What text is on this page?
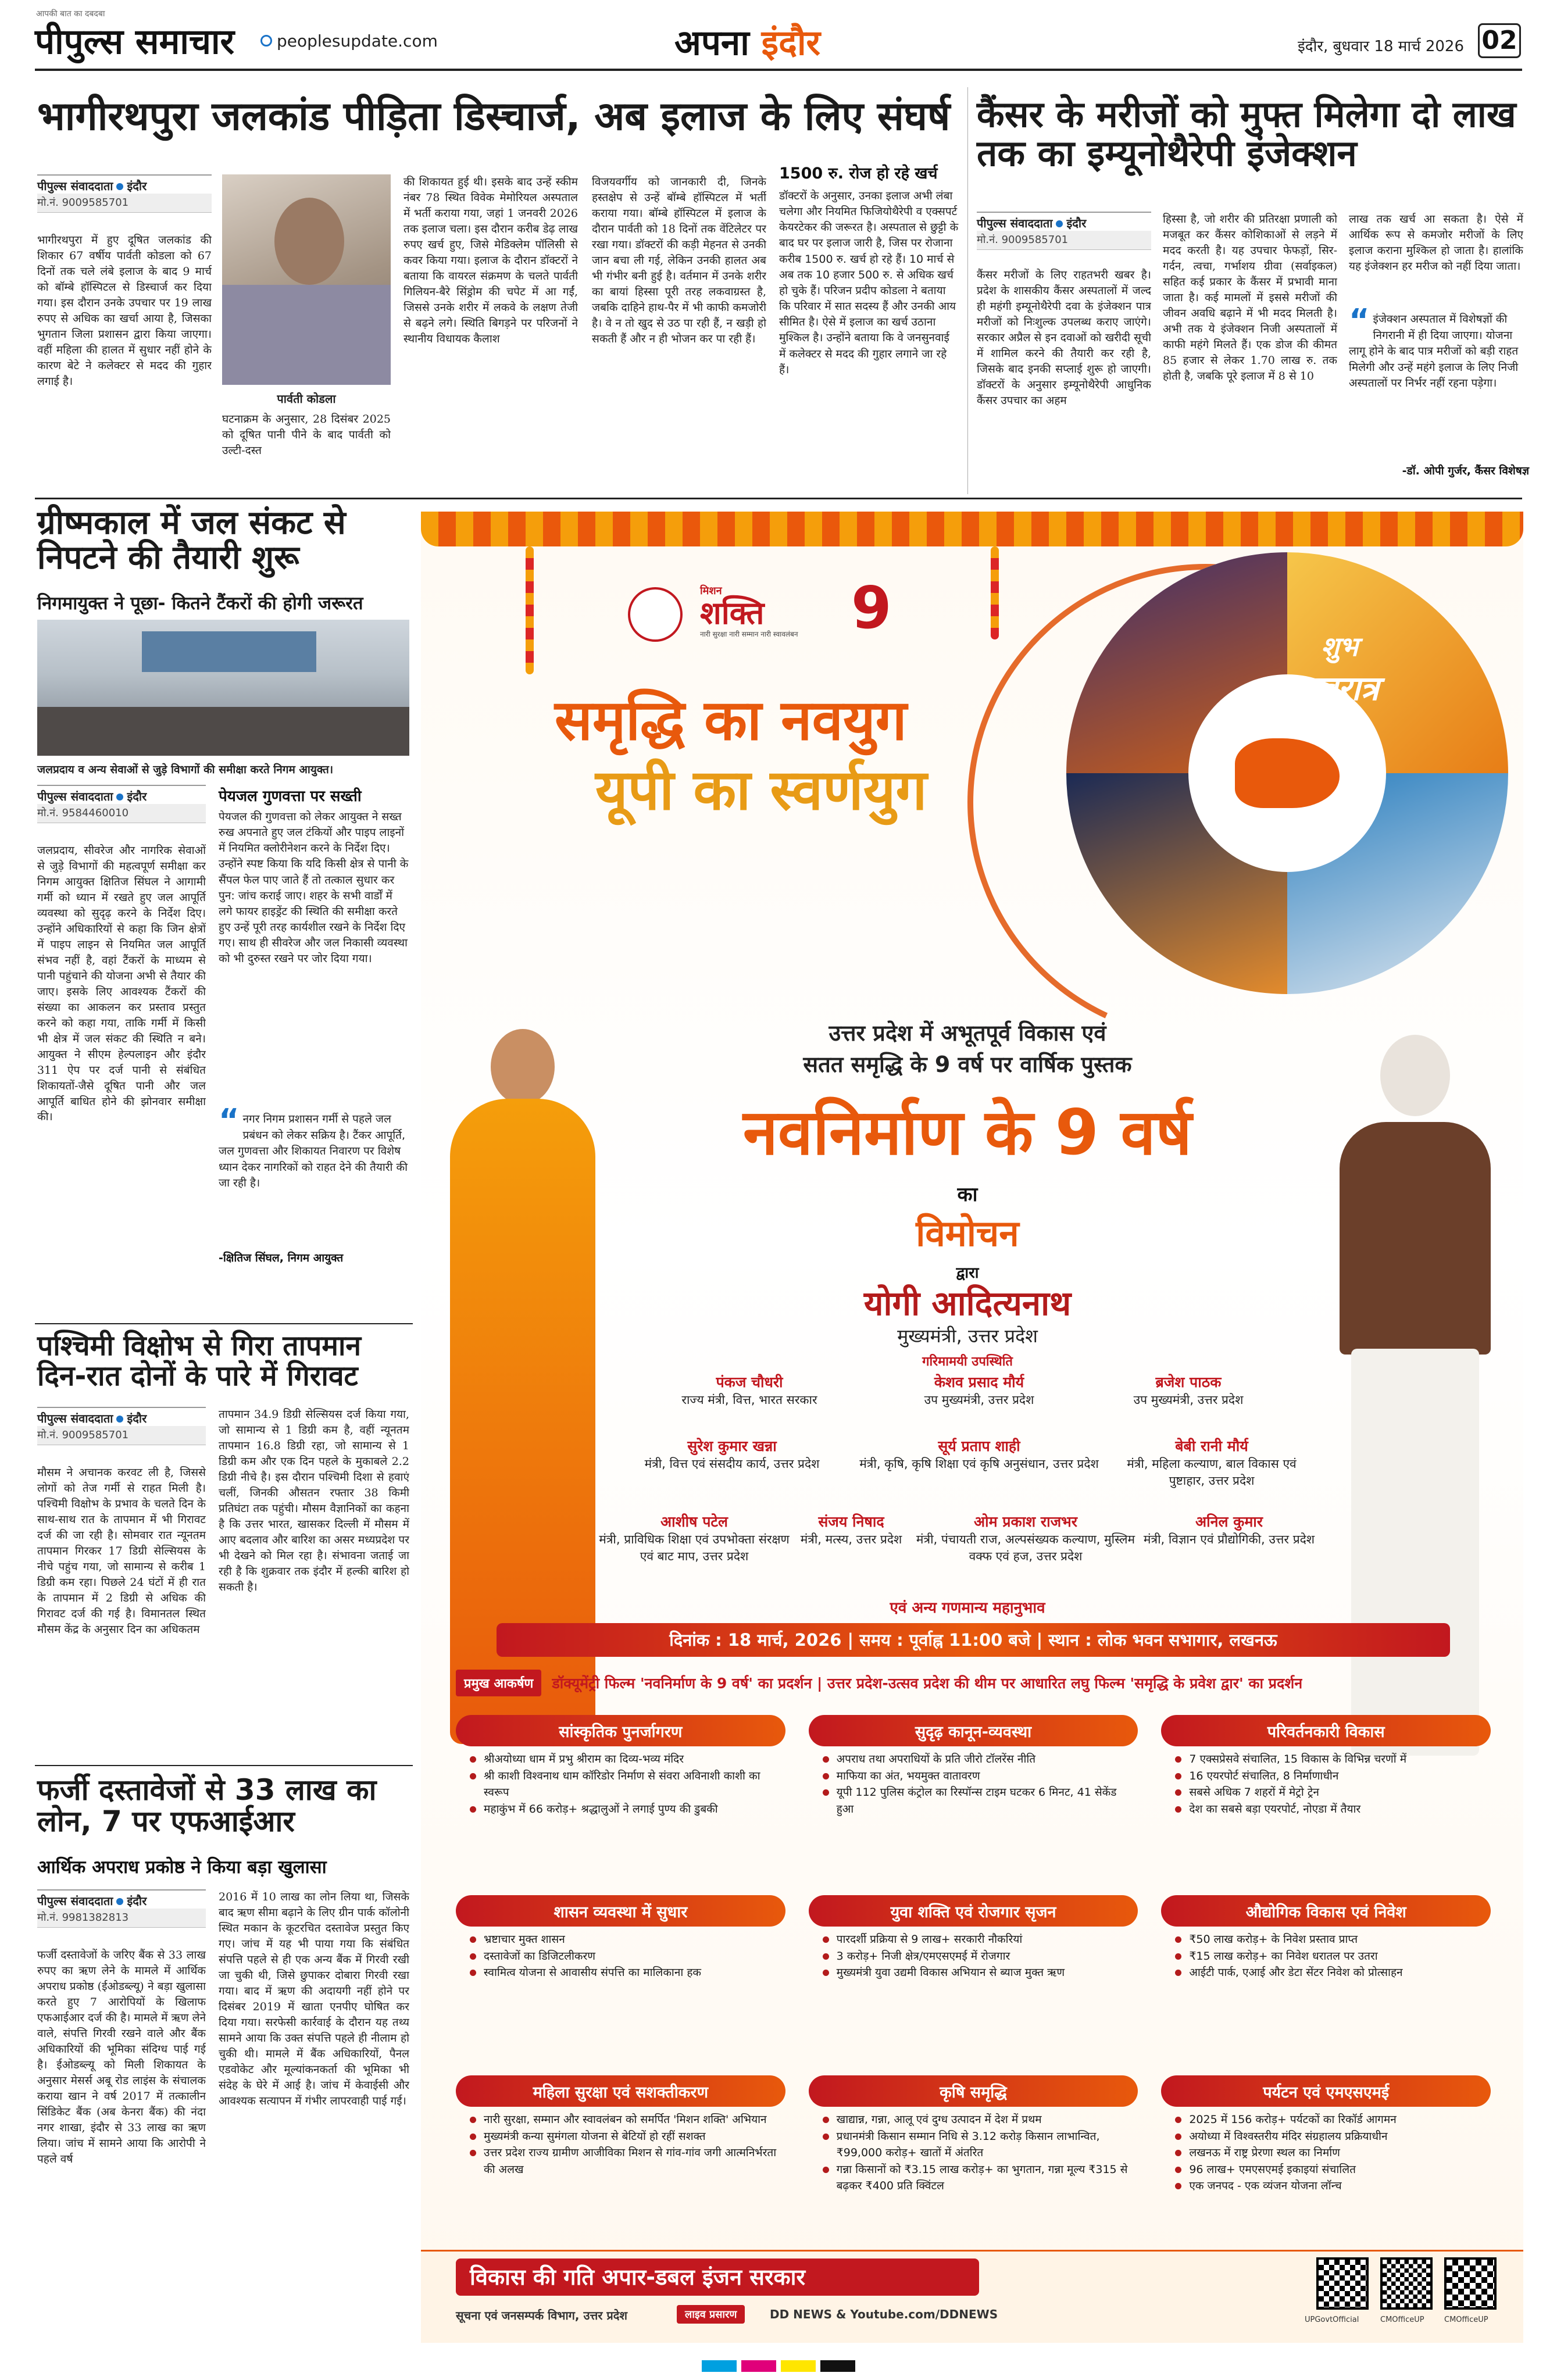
आपकी बात का दबदबा
पीपुल्स समाचार	peoplesupdate.com	अपना इंदौर	इंदौर, बुधवार 18 मार्च 2026 02
भागीरथपुरा जलकांड पीड़िता डिस्चार्ज, अब इलाज के लिए संघर्ष
पीपुल्स संवाददाता इंदौर
मो.नं. 9009585701
भागीरथपुरा में हुए दूषित जलकांड की शिकार 67 वर्षीय पार्वती कोडला को 67 दिनों तक चले लंबे इलाज के बाद 9 मार्च को बॉम्बे हॉस्पिटल से डिस्चार्ज कर दिया गया। इस दौरान उनके उपचार पर 19 लाख रुपए से अधिक का खर्चा आया है, जिसका भुगतान जिला प्रशासन द्वारा किया जाएगा। वहीं महिला की हालत में सुधार नहीं होने के कारण बेटे ने कलेक्टर से मदद की गुहार लगाई है।
पार्वती कोडला
घटनाक्रम के अनुसार, 28 दिसंबर 2025 को दूषित पानी पीने के बाद पार्वती को उल्टी-दस्त
की शिकायत हुई थी। इसके बाद उन्हें स्कीम नंबर 78 स्थित विवेक मेमोरियल अस्पताल में भर्ती कराया गया, जहां 1 जनवरी 2026 तक इलाज चला। इस दौरान करीब डेढ़ लाख रुपए खर्च हुए, जिसे मेडिक्लेम पॉलिसी से कवर किया गया। इलाज के दौरान डॉक्टरों ने बताया कि वायरल संक्रमण के चलते पार्वती गिलियन-बैरे सिंड्रोम की चपेट में आ गईं, जिससे उनके शरीर में लकवे के लक्षण तेजी से बढ़ने लगे। स्थिति बिगड़ने पर परिजनों ने स्थानीय विधायक कैलाश
विजयवर्गीय को जानकारी दी, जिनके हस्तक्षेप से उन्हें बॉम्बे हॉस्पिटल में भर्ती कराया गया। बॉम्बे हॉस्पिटल में इलाज के दौरान पार्वती को 18 दिनों तक वेंटिलेटर पर रखा गया। डॉक्टरों की कड़ी मेहनत से उनकी जान बचा ली गई, लेकिन उनकी हालत अब भी गंभीर बनी हुई है। वर्तमान में उनके शरीर का बायां हिस्सा पूरी तरह लकवाग्रस्त है, जबकि दाहिने हाथ-पैर में भी काफी कमजोरी है। वे न तो खुद से उठ पा रही हैं, न खड़ी हो सकती हैं और न ही भोजन कर पा रही हैं।
1500 रु. रोज हो रहे खर्च
डॉक्टरों के अनुसार, उनका इलाज अभी लंबा चलेगा और नियमित फिजियोथैरेपी व एक्सपर्ट केयरटेकर की जरूरत है। अस्पताल से छुट्टी के बाद घर पर इलाज जारी है, जिस पर रोजाना करीब 1500 रु. खर्च हो रहे हैं। 10 मार्च से अब तक 10 हजार 500 रु. से अधिक खर्च हो चुके हैं। परिजन प्रदीप कोडला ने बताया कि परिवार में सात सदस्य हैं और उनकी आय सीमित है। ऐसे में इलाज का खर्च उठाना मुश्किल है। उन्होंने बताया कि वे जनसुनवाई में कलेक्टर से मदद की गुहार लगाने जा रहे हैं।
कैंसर के मरीजों को मुफ्त मिलेगा दो लाख तक का इम्यूनोथैरेपी इंजेक्शन
पीपुल्स संवाददाता इंदौर
मो.नं. 9009585701
कैंसर मरीजों के लिए राहतभरी खबर है। प्रदेश के शासकीय कैंसर अस्पतालों में जल्द ही महंगी इम्यूनोथैरेपी दवा के इंजेक्शन पात्र मरीजों को निःशुल्क उपलब्ध कराए जाएंगे। सरकार अप्रैल से इन दवाओं को खरीदी सूची में शामिल करने की तैयारी कर रही है, जिसके बाद इनकी सप्लाई शुरू हो जाएगी। डॉक्टरों के अनुसार इम्यूनोथैरेपी आधुनिक कैंसर उपचार का अहम
हिस्सा है, जो शरीर की प्रतिरक्षा प्रणाली को मजबूत कर कैंसर कोशिकाओं से लड़ने में मदद करती है। यह उपचार फेफड़ों, सिर-गर्दन, त्वचा, गर्भाशय ग्रीवा (सर्वाइकल) सहित कई प्रकार के कैंसर में प्रभावी माना जाता है। कई मामलों में इससे मरीजों की जीवन अवधि बढ़ाने में भी मदद मिलती है। अभी तक ये इंजेक्शन निजी अस्पतालों में काफी महंगे मिलते हैं। एक डोज की कीमत 85 हजार से लेकर 1.70 लाख रु. तक होती है, जबकि पूरे इलाज में 8 से 10
लाख तक खर्च आ सकता है। ऐसे में आर्थिक रूप से कमजोर मरीजों के लिए इलाज कराना मुश्किल हो जाता है। हालांकि यह इंजेक्शन हर मरीज को नहीं दिया जाता।
“ इंजेक्शन अस्पताल में विशेषज्ञों की निगरानी में ही दिया जाएगा। योजना लागू होने के बाद पात्र मरीजों को बड़ी राहत मिलेगी और उन्हें महंगे इलाज के लिए निजी अस्पतालों पर निर्भर नहीं रहना पड़ेगा।
-डॉ. ओपी गुर्जर, कैंसर विशेषज्ञ
ग्रीष्मकाल में जल संकट से निपटने की तैयारी शुरू
निगमायुक्त ने पूछा- कितने टैंकरों की होगी जरूरत
जलप्रदाय व अन्य सेवाओं से जुड़े विभागों की समीक्षा करते निगम आयुक्त।
पीपुल्स संवाददाता इंदौर
मो.नं. 9584460010
जलप्रदाय, सीवरेज और नागरिक सेवाओं से जुड़े विभागों की महत्वपूर्ण समीक्षा कर निगम आयुक्त क्षितिज सिंघल ने आगामी गर्मी को ध्यान में रखते हुए जल आपूर्ति व्यवस्था को सुदृढ़ करने के निर्देश दिए। उन्होंने अधिकारियों से कहा कि जिन क्षेत्रों में पाइप लाइन से नियमित जल आपूर्ति संभव नहीं है, वहां टैंकरों के माध्यम से पानी पहुंचाने की योजना अभी से तैयार की जाए। इसके लिए आवश्यक टैंकरों की संख्या का आकलन कर प्रस्ताव प्रस्तुत करने को कहा गया, ताकि गर्मी में किसी भी क्षेत्र में जल संकट की स्थिति न बने। आयुक्त ने सीएम हेल्पलाइन और इंदौर 311 ऐप पर दर्ज पानी से संबंधित शिकायतों-जैसे दूषित पानी और जल आपूर्ति बाधित होने की झोनवार समीक्षा की।
पेयजल गुणवत्ता पर सख्ती
पेयजल की गुणवत्ता को लेकर आयुक्त ने सख्त रुख अपनाते हुए जल टंकियों और पाइप लाइनों में नियमित क्लोरीनेशन करने के निर्देश दिए। उन्होंने स्पष्ट किया कि यदि किसी क्षेत्र से पानी के सैंपल फेल पाए जाते हैं तो तत्काल सुधार कर पुन: जांच कराई जाए। शहर के सभी वार्डों में लगे फायर हाइड्रेंट की स्थिति की समीक्षा करते हुए उन्हें पूरी तरह कार्यशील रखने के निर्देश दिए गए। साथ ही सीवरेज और जल निकासी व्यवस्था को भी दुरुस्त रखने पर जोर दिया गया।
“ नगर निगम प्रशासन गर्मी से पहले जल प्रबंधन को लेकर सक्रिय है। टैंकर आपूर्ति, जल गुणवत्ता और शिकायत निवारण पर विशेष ध्यान देकर नागरिकों को राहत देने की तैयारी की जा रही है।
-क्षितिज सिंघल, निगम आयुक्त
पश्चिमी विक्षोभ से गिरा तापमान दिन-रात दोनों के पारे में गिरावट
पीपुल्स संवाददाता इंदौर
मो.नं. 9009585701
मौसम ने अचानक करवट ली है, जिससे लोगों को तेज गर्मी से राहत मिली है। पश्चिमी विक्षोभ के प्रभाव के चलते दिन के साथ-साथ रात के तापमान में भी गिरावट दर्ज की जा रही है। सोमवार रात न्यूनतम तापमान गिरकर 17 डिग्री सेल्सियस के नीचे पहुंच गया, जो सामान्य से करीब 1 डिग्री कम रहा। पिछले 24 घंटों में ही रात के तापमान में 2 डिग्री से अधिक की गिरावट दर्ज की गई है। विमानतल स्थित मौसम केंद्र के अनुसार दिन का अधिकतम
तापमान 34.9 डिग्री सेल्सियस दर्ज किया गया, जो सामान्य से 1 डिग्री कम है, वहीं न्यूनतम तापमान 16.8 डिग्री रहा, जो सामान्य से 1 डिग्री कम और एक दिन पहले के मुकाबले 2.2 डिग्री नीचे है। इस दौरान पश्चिमी दिशा से हवाएं चलीं, जिनकी औसतन रफ्तार 38 किमी प्रतिघंटा तक पहुंची। मौसम वैज्ञानिकों का कहना है कि उत्तर भारत, खासकर दिल्ली में मौसम में आए बदलाव और बारिश का असर मध्यप्रदेश पर भी देखने को मिल रहा है। संभावना जताई जा रही है कि शुक्रवार तक इंदौर में हल्की बारिश हो सकती है।
फर्जी दस्तावेजों से 33 लाख का लोन, 7 पर एफआईआर
आर्थिक अपराध प्रकोष्ठ ने किया बड़ा खुलासा
पीपुल्स संवाददाता इंदौर
मो.नं. 9981382813
फर्जी दस्तावेजों के जरिए बैंक से 33 लाख रुपए का ऋण लेने के मामले में आर्थिक अपराध प्रकोष्ठ (ईओडब्ल्यू) ने बड़ा खुलासा करते हुए 7 आरोपियों के खिलाफ एफआईआर दर्ज की है। मामले में ऋण लेने वाले, संपत्ति गिरवी रखने वाले और बैंक अधिकारियों की भूमिका संदिग्ध पाई गई है। ईओडब्ल्यू को मिली शिकायत के अनुसार मेसर्स अबू रोड लाइंस के संचालक कराया खान ने वर्ष 2017 में तत्कालीन सिंडिकेट बैंक (अब केनरा बैंक) की नंदा नगर शाखा, इंदौर से 33 लाख का ऋण लिया। जांच में सामने आया कि आरोपी ने पहले वर्ष
2016 में 10 लाख का लोन लिया था, जिसके बाद ऋण सीमा बढ़ाने के लिए ग्रीन पार्क कॉलोनी स्थित मकान के कूटरचित दस्तावेज प्रस्तुत किए गए। जांच में यह भी पाया गया कि संबंधित संपत्ति पहले से ही एक अन्य बैंक में गिरवी रखी जा चुकी थी, जिसे छुपाकर दोबारा गिरवी रखा गया। बाद में ऋण की अदायगी नहीं होने पर दिसंबर 2019 में खाता एनपीए घोषित कर दिया गया। सरफेसी कार्रवाई के दौरान यह तथ्य सामने आया कि उक्त संपत्ति पहले ही नीलाम हो चुकी थी। मामले में बैंक अधिकारियों, पैनल एडवोकेट और मूल्यांकनकर्ता की भूमिका भी संदेह के घेरे में आई है। जांच में केवाईसी और आवश्यक सत्यापन में गंभीर लापरवाही पाई गई।
मिशन
शक्ति
नारी सुरक्षा नारी सम्मान नारी स्वावलंबन 9
समृद्धि का नवयुग
यूपी का स्वर्णयुग
शुभ
नवरात्र
उत्तर प्रदेश में अभूतपूर्व विकास एवं
सतत समृद्धि के 9 वर्ष पर वार्षिक पुस्तक
नवनिर्माण के 9 वर्ष
का
विमोचन
द्वारा
योगी आदित्यनाथ
मुख्यमंत्री, उत्तर प्रदेश
गरिमामयी उपस्थिति
पंकज चौधरी
राज्य मंत्री, वित्त, भारत सरकार
केशव प्रसाद मौर्य
उप मुख्यमंत्री, उत्तर प्रदेश
ब्रजेश पाठक
उप मुख्यमंत्री, उत्तर प्रदेश
सुरेश कुमार खन्ना
मंत्री, वित्त एवं संसदीय कार्य, उत्तर प्रदेश
सूर्य प्रताप शाही
मंत्री, कृषि, कृषि शिक्षा एवं कृषि अनुसंधान, उत्तर प्रदेश
बेबी रानी मौर्य
मंत्री, महिला कल्याण, बाल विकास एवं पुष्टाहार, उत्तर प्रदेश
आशीष पटेल
मंत्री, प्राविधिक शिक्षा एवं उपभोक्ता संरक्षण एवं बाट माप, उत्तर प्रदेश
संजय निषाद
मंत्री, मत्स्य, उत्तर प्रदेश
ओम प्रकाश राजभर
मंत्री, पंचायती राज, अल्पसंख्यक कल्याण, मुस्लिम वक्फ एवं हज, उत्तर प्रदेश
अनिल कुमार
मंत्री, विज्ञान एवं प्रौद्योगिकी, उत्तर प्रदेश
एवं अन्य गणमान्य महानुभाव
दिनांक : 18 मार्च, 2026 | समय : पूर्वाह्न 11:00 बजे | स्थान : लोक भवन सभागार, लखनऊ
प्रमुख आकर्षण	डॉक्यूमेंट्री फिल्म 'नवनिर्माण के 9 वर्ष' का प्रदर्शन | उत्तर प्रदेश-उत्सव प्रदेश की थीम पर आधारित लघु फिल्म 'समृद्धि के प्रवेश द्वार' का प्रदर्शन
सांस्कृतिक पुनर्जागरण
श्रीअयोध्या धाम में प्रभु श्रीराम का दिव्य-भव्य मंदिर
श्री काशी विश्वनाथ धाम कॉरिडोर निर्माण से संवरा अविनाशी काशी का स्वरूप
महाकुंभ में 66 करोड़+ श्रद्धालुओं ने लगाई पुण्य की डुबकी
सुदृढ़ कानून-व्यवस्था
अपराध तथा अपराधियों के प्रति जीरो टॉलरेंस नीति
माफिया का अंत, भयमुक्त वातावरण
यूपी 112 पुलिस कंट्रोल का रिस्पॉन्स टाइम घटकर 6 मिनट, 41 सेकेंड हुआ
परिवर्तनकारी विकास
7 एक्सप्रेसवे संचालित, 15 विकास के विभिन्न चरणों में
16 एयरपोर्ट संचालित, 8 निर्माणाधीन
सबसे अधिक 7 शहरों में मेट्रो ट्रेन
देश का सबसे बड़ा एयरपोर्ट, नोएडा में तैयार
शासन व्यवस्था में सुधार
भ्रष्टाचार मुक्त शासन
दस्तावेजों का डिजिटलीकरण
स्वामित्व योजना से आवासीय संपत्ति का मालिकाना हक
युवा शक्ति एवं रोजगार सृजन
पारदर्शी प्रक्रिया से 9 लाख+ सरकारी नौकरियां
3 करोड़+ निजी क्षेत्र/एमएसएमई में रोजगार
मुख्यमंत्री युवा उद्यमी विकास अभियान से ब्याज मुक्त ऋण
औद्योगिक विकास एवं निवेश
₹50 लाख करोड़+ के निवेश प्रस्ताव प्राप्त
₹15 लाख करोड़+ का निवेश धरातल पर उतरा
आईटी पार्क, एआई और डेटा सेंटर निवेश को प्रोत्साहन
महिला सुरक्षा एवं सशक्तीकरण
नारी सुरक्षा, सम्मान और स्वावलंबन को समर्पित 'मिशन शक्ति' अभियान
मुख्यमंत्री कन्या सुमंगला योजना से बेटियों हो रहीं सशक्त
उत्तर प्रदेश राज्य ग्रामीण आजीविका मिशन से गांव-गांव जगी आत्मनिर्भरता की अलख
कृषि समृद्धि
खाद्यान्न, गन्ना, आलू एवं दुग्ध उत्पादन में देश में प्रथम
प्रधानमंत्री किसान सम्मान निधि से 3.12 करोड़ किसान लाभान्वित, ₹99,000 करोड़+ खातों में अंतरित
गन्ना किसानों को ₹3.15 लाख करोड़+ का भुगतान, गन्ना मूल्य ₹315 से बढ़कर ₹400 प्रति क्विंटल
पर्यटन एवं एमएसएमई
2025 में 156 करोड़+ पर्यटकों का रिकॉर्ड आगमन
अयोध्या में विश्वस्तरीय मंदिर संग्रहालय प्रक्रियाधीन
लखनऊ में राष्ट्र प्रेरणा स्थल का निर्माण
96 लाख+ एमएसएमई इकाइयां संचालित
एक जनपद - एक व्यंजन योजना लॉन्च
विकास की गति अपार-डबल इंजन सरकार
सूचना एवं जनसम्पर्क विभाग, उत्तर प्रदेश	लाइव प्रसारण	DD NEWS & Youtube.com/DDNEWS	UPGovtOfficial	CMOfficeUP	CMOfficeUP
